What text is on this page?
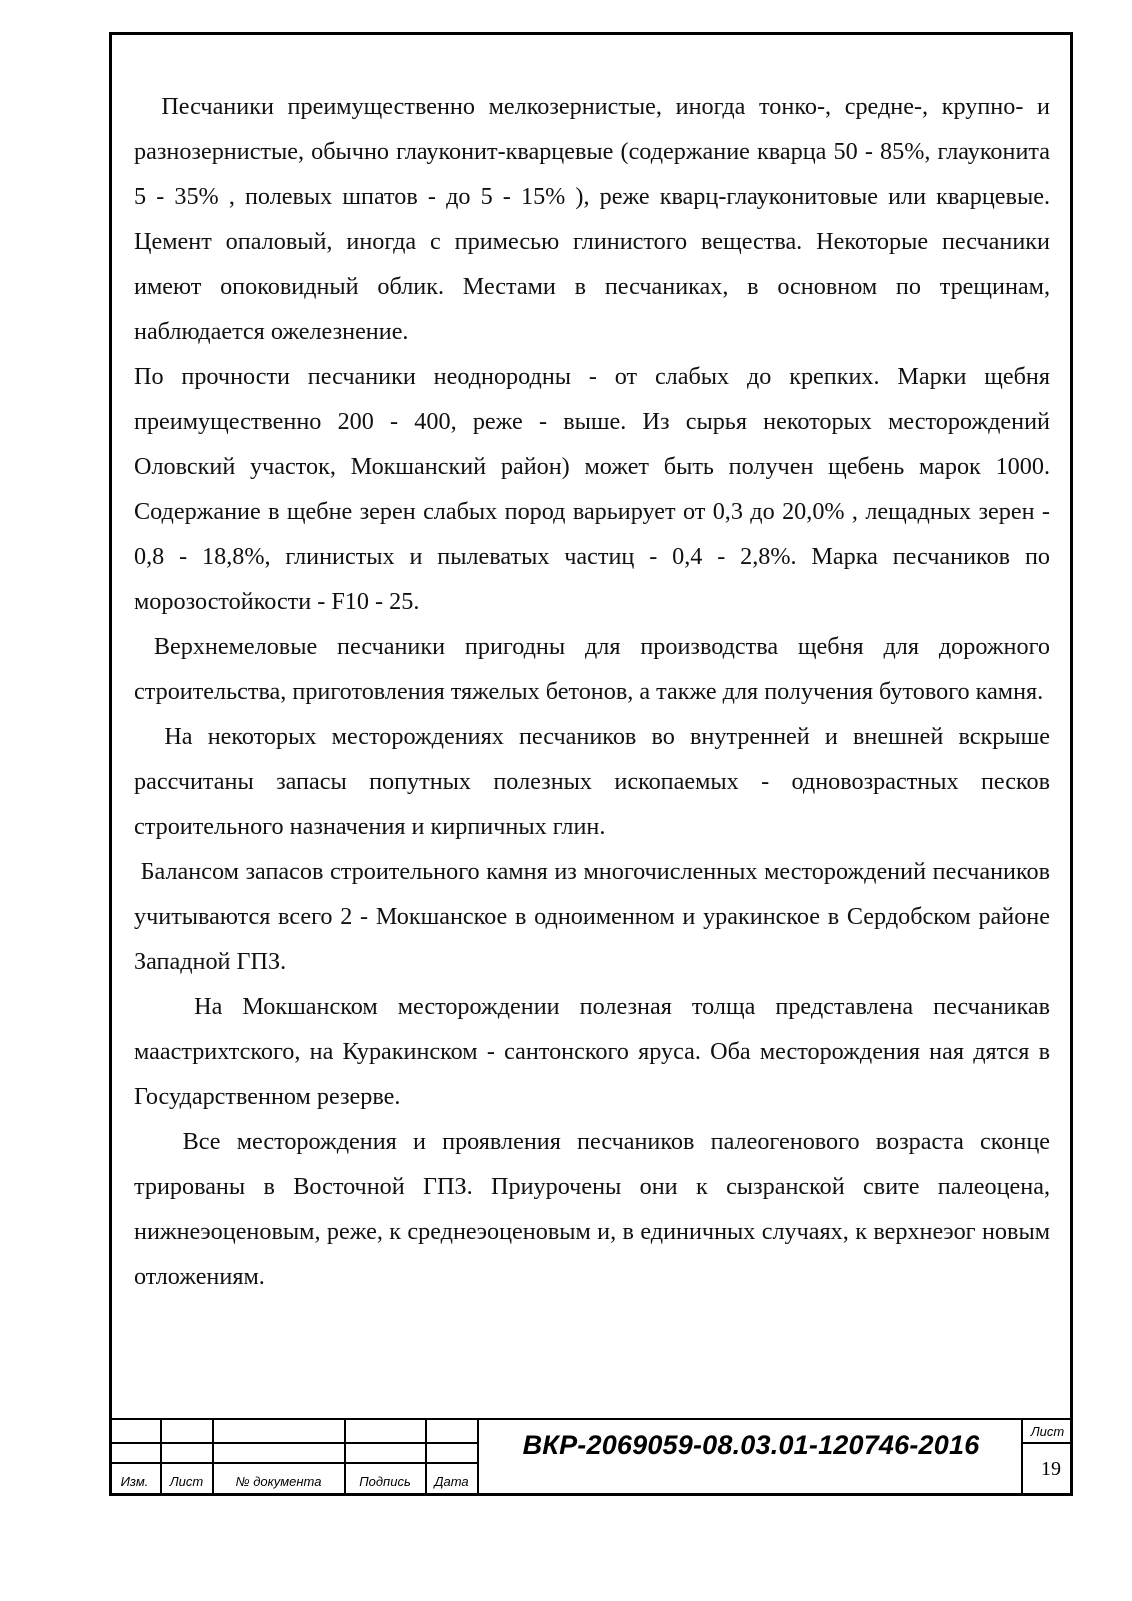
Песчаники преимущественно мелкозернистые, иногда тонко-, средне-, крупно- и разнозернистые, обычно глауконит-кварцевые (содержание кварца 50 - 85%, глауконита 5 - 35% , полевых шпатов - до 5 - 15% ), реже кварц-глауконитовые или кварцевые. Цемент опаловый, иногда с примесью глинистого вещества. Некоторые песчаники имеют опоковидный облик. Местами в песчаниках, в основном по трещинам, наблюдается ожелезнение.

По прочности песчаники неоднородны - от слабых до крепких. Марки щебня преимущественно 200 - 400, реже - выше. Из сырья некоторых месторождений Оловский участок, Мокшанский район) может быть получен щебень марок 1000. Содержание в щебне зерен слабых пород варьирует от 0,3 до 20,0% , лещадных зерен - 0,8 - 18,8%, глинистых и пылеватых частиц - 0,4 - 2,8%. Марка песчаников по морозостойкости - F10 - 25.

Верхнемеловые песчаники пригодны для производства щебня для дорожного строительства, приготовления тяжелых бетонов, а также для получения бутового камня.

На некоторых месторождениях песчаников во внутренней и внешней вскрыше рассчитаны запасы попутных полезных ископаемых - одновозрастных песков строительного назначения и кирпичных глин.

Балансом запасов строительного камня из многочисленных месторождений песчаников учитываются всего 2 - Мокшанское в одноименном и уракинское в Сердобском районе Западной ГПЗ.

На Мокшанском месторождении полезная толща представлена песчаникав маастрихтского, на Куракинском - сантонского яруса. Оба месторождения ная дятся в Государственном резерве.

Все месторождения и проявления песчаников палеогенового возраста сконце трированы в Восточной ГПЗ. Приурочены они к сызранской свите палеоцена, нижнеэоценовым, реже, к среднеэоценовым и, в единичных случаях, к верхнеэог новым отложениям.

Изм.	Лист	№ документа	Подпись	Дата
ВКР-2069059-08.03.01-120746-2016	Лист
19
